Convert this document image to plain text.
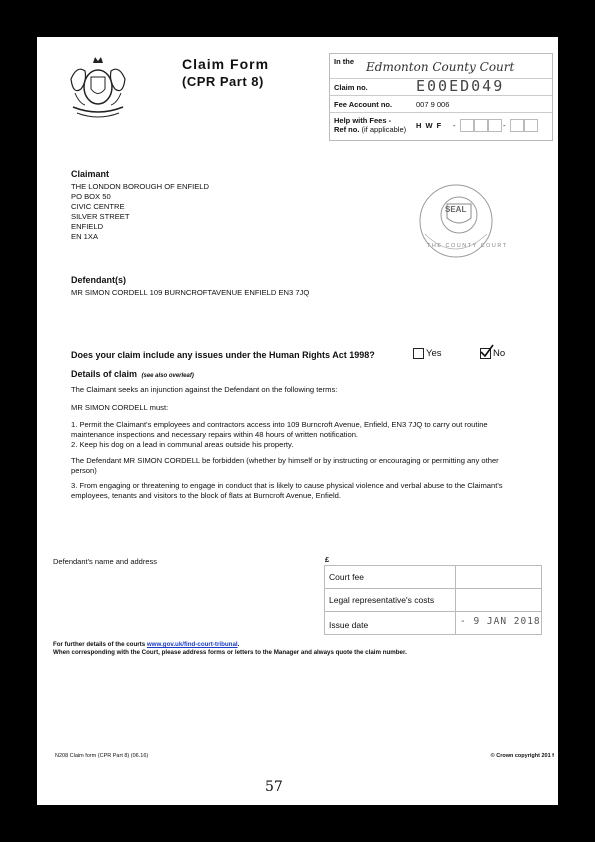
Claim Form
(CPR Part 8)
In the Edmonton County Court
Claim no.	E00ED049
Fee Account no.	007 9 006
Help with Fees -
Ref no. (if applicable) H W F -	-
Claimant
THE LONDON BOROUGH OF ENFIELD
PO BOX 50
CIVIC CENTRE
SILVER STREET
ENFIELD
EN 1XA
SEAL
THE COUNTY COURT
Defendant(s)
MR SIMON CORDELL 109 BURNCROFTAVENUE ENFIELD EN3 7JQ
Does your claim include any issues under the Human Rights Act 1998?	Yes	No
Details of claim (see also overleaf)
The Claimant seeks an injunction against the Defendant on the following terms:
MR SIMON CORDELL must:
1. Permit the Claimant's employees and contractors access into 109 Burncroft Avenue, Enfield, EN3 7JQ to carry out routine maintenance inspections and necessary repairs within 48 hours of written notification.
2. Keep his dog on a lead in communal areas outside his property.
The Defendant MR SIMON CORDELL be forbidden (whether by himself or by instructing or encouraging or permitting any other person)
3. From engaging or threatening to engage in conduct that is likely to cause physical violence and verbal abuse to the Claimant's employees, tenants and visitors to the block of flats at Burncroft Avenue, Enfield.
Defendant's name and address	£
Court fee
Legal representative's costs
Issue date	- 9 JAN 2018
For further details of the courts www.gov.uk/find-court-tribunal.
When corresponding with the Court, please address forms or letters to the Manager and always quote the claim number.
N208 Claim form (CPR Part 8) (06.16)	© Crown copyright 201 f
57
